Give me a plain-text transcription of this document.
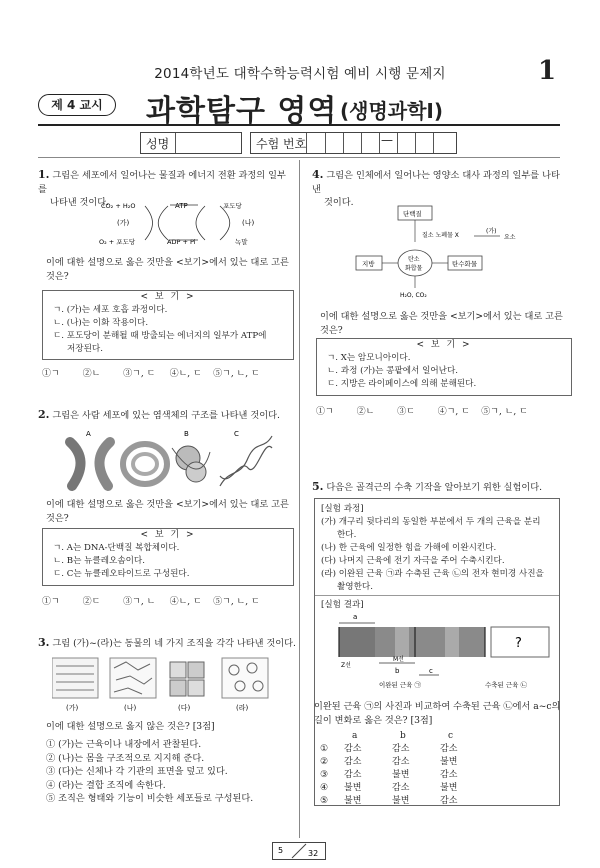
2014학년도 대학수학능력시험 예비 시행 문제지	1
제 4 교시	과학탐구 영역 (생명과학Ⅰ)
성명	수험 번호	—
1. 그림은 세포에서 일어나는 물질과 에너지 전환 과정의 일부를
나타낸 것이다.
CO₂ + H₂O	ATP	포도당
(가)	(나)
O₂ + 포도당	ADP + Pi	녹말
이에 대한 설명으로 옳은 것만을 <보기>에서 있는 대로 고른
것은?
< 보 기 >
ㄱ. (가)는 세포 호흡 과정이다.
ㄴ. (나)는 이화 작용이다.
ㄷ. 포도당이 분해될 때 방출되는 에너지의 일부가 ATP에
저장된다.
①ㄱ        ②ㄴ        ③ㄱ, ㄷ     ④ㄴ, ㄷ    ⑤ㄱ, ㄴ, ㄷ
2. 그림은 사람 세포에 있는 염색체의 구조를 나타낸 것이다.
A	B	C
이에 대한 설명으로 옳은 것만을 <보기>에서 있는 대로 고른
것은?
< 보 기 >
ㄱ. A는 DNA-단백질 복합체이다.
ㄴ. B는 뉴클레오솜이다.
ㄷ. C는 뉴클레오타이드로 구성된다.
①ㄱ        ②ㄷ        ③ㄱ, ㄴ     ④ㄴ, ㄷ    ⑤ㄱ, ㄴ, ㄷ
3. 그림 (가)~(라)는 동물의 네 가지 조직을 각각 나타낸 것이다.
(가)	(나)	(다)	(라)
이에 대한 설명으로 옳지 않은 것은? [3점]
① (가)는 근육이나 내장에서 관찰된다.
② (나)는 몸을 구조적으로 지지해 준다.
③ (다)는 신체나 각 기관의 표면을 덮고 있다.
④ (라)는 결합 조직에 속한다.
⑤ 조직은 형태와 기능이 비슷한 세포들로 구성된다.
4. 그림은 인체에서 일어나는 영양소 대사 과정의 일부를 나타낸
것이다.
단백질
질소 노폐물 X
(가)
요소
지방
탄소
화합물
탄수화물
H₂O, CO₂
이에 대한 설명으로 옳은 것만을 <보기>에서 있는 대로 고른
것은?
< 보 기 >
ㄱ. X는 암모니아이다.
ㄴ. 과정 (가)는 콩팥에서 일어난다.
ㄷ. 지방은 라이페이스에 의해 분해된다.
①ㄱ        ②ㄴ        ③ㄷ        ④ㄱ, ㄷ    ⑤ㄱ, ㄴ, ㄷ
5. 다음은 골격근의 수축 기작을 알아보기 위한 실험이다.
[실험 과정]
(가) 개구리 뒷다리의 동일한 부분에서 두 개의 근육을 분리
한다.
(나) 한 근육에 일정한 힘을 가해에 이완시킨다.
(다) 나머지 근육에 전기 자극을 주어 수축시킨다.
(라) 이완된 근육 ㉠과 수축된 근육 ㉡의 전자 현미경 사진을
촬영한다.
[실험 결과]
a
?
M선
Z선
b	c
이완된 근육 ㉠	수축된 근육 ㉡
이완된 근육 ㉠의 사진과 비교하여 수축된 근육 ㉡에서 a~c의
길이 변화로 옳은 것은? [3점]
a	b	c
① 감소	감소	감소
② 감소	감소	불변
③ 감소	불변	감소
④ 불변	감소	불변
⑤ 불변	불변	감소
5	32
